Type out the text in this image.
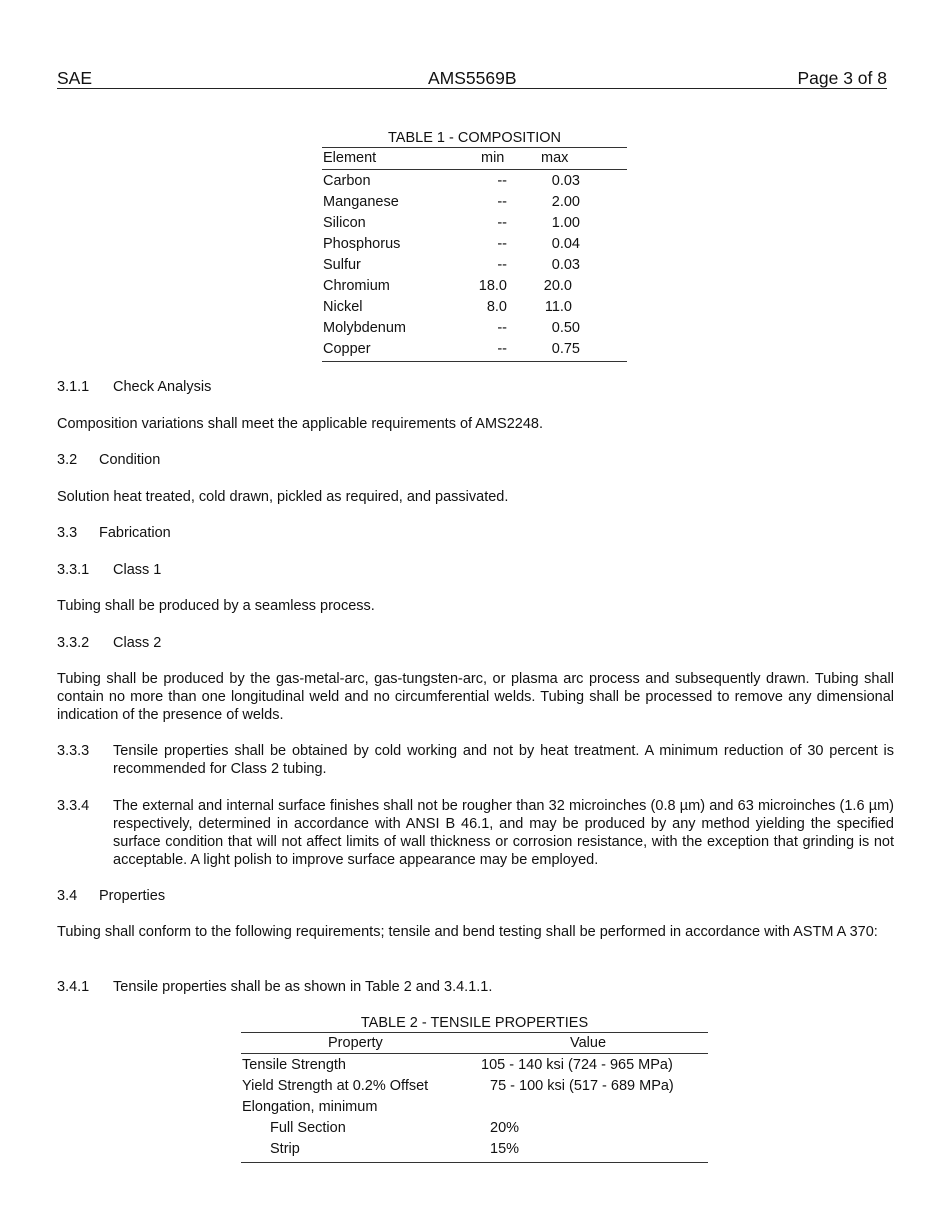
SAE	AMS5569B	Page 3 of 8
TABLE 1 - COMPOSITION
Element	min	max
Carbon	--	0.03
Manganese	--	2.00
Silicon	--	1.00
Phosphorus	--	0.04
Sulfur	--	0.03
Chromium	18.0	20.0
Nickel	8.0	11.0
Molybdenum	--	0.50
Copper	--	0.75
3.1.1 Check Analysis
Composition variations shall meet the applicable requirements of AMS2248.
3.2 Condition
Solution heat treated, cold drawn, pickled as required, and passivated.
3.3 Fabrication
3.3.1 Class 1
Tubing shall be produced by a seamless process.
3.3.2 Class 2
Tubing shall be produced by the gas-metal-arc, gas-tungsten-arc, or plasma arc process and subsequently drawn. Tubing shall contain no more than one longitudinal weld and no circumferential welds. Tubing shall be processed to remove any dimensional indication of the presence of welds.
3.3.3 Tensile properties shall be obtained by cold working and not by heat treatment. A minimum reduction of 30 percent is recommended for Class 2 tubing.
3.3.4 The external and internal surface finishes shall not be rougher than 32 microinches (0.8 µm) and 63 microinches (1.6 µm) respectively, determined in accordance with ANSI B 46.1, and may be produced by any method yielding the specified surface condition that will not affect limits of wall thickness or corrosion resistance, with the exception that grinding is not acceptable. A light polish to improve surface appearance may be employed.
3.4 Properties
Tubing shall conform to the following requirements; tensile and bend testing shall be performed in accordance with ASTM A 370:
3.4.1 Tensile properties shall be as shown in Table 2 and 3.4.1.1.
TABLE 2 - TENSILE PROPERTIES
Property	Value
Tensile Strength	105 - 140 ksi (724 - 965 MPa)
Yield Strength at 0.2% Offset	75 - 100 ksi (517 - 689 MPa)
Elongation, minimum
Full Section	20%
Strip	15%
